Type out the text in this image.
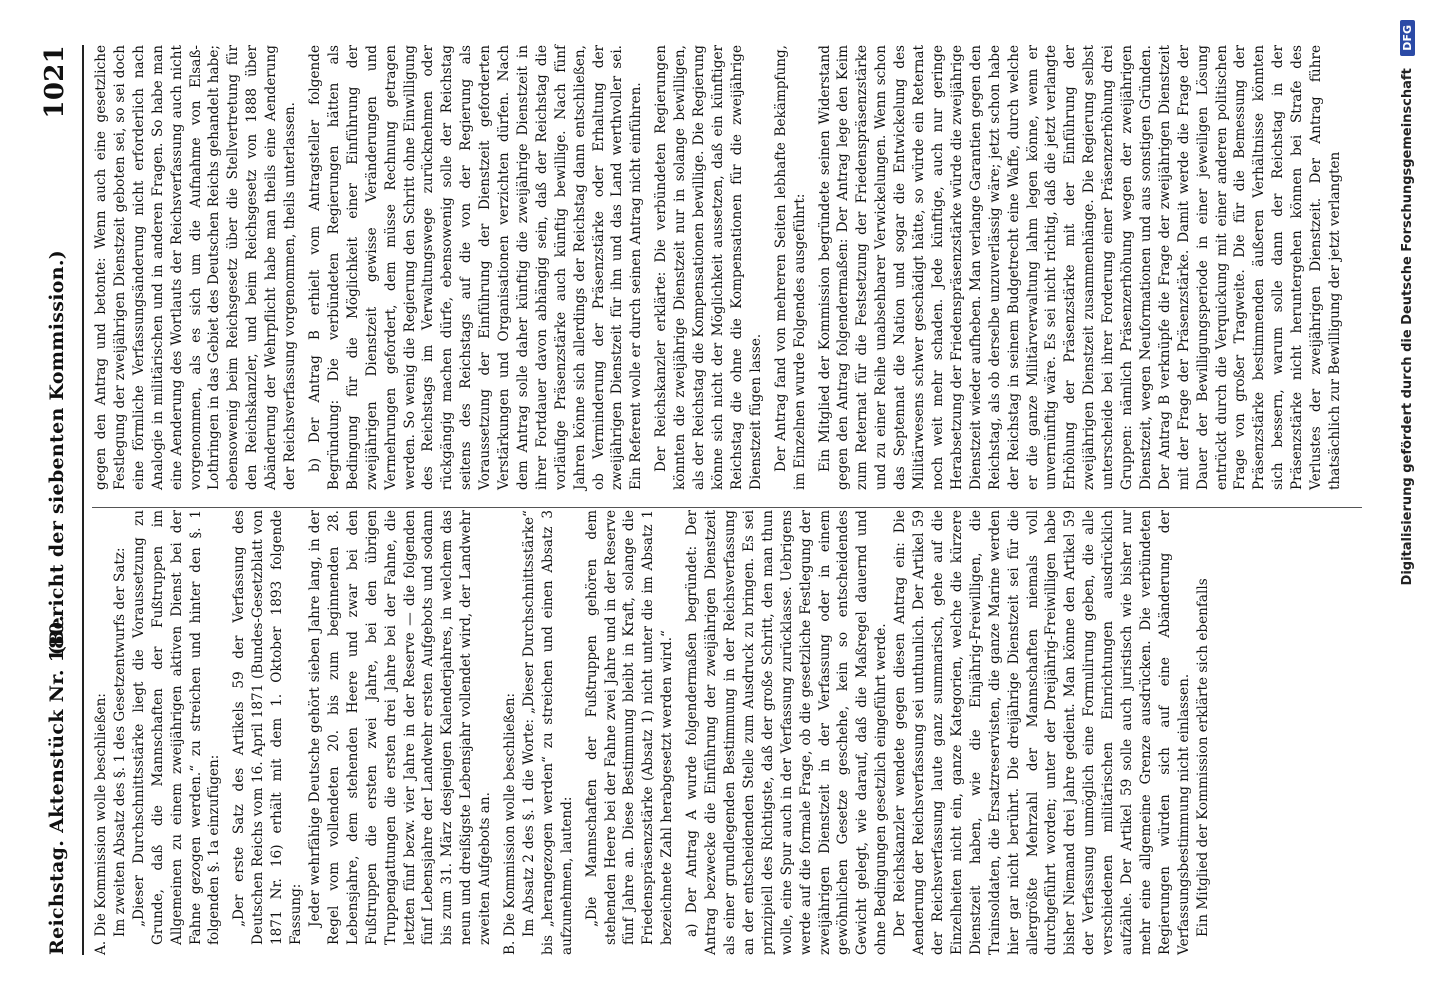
Reichstag. Aktenstück Nr. 180.
(Bericht der siebenten Kommission.)
1021

A. Die Kommission wolle beschließen: Im zweiten Absatz des §. 1 des Gesetzentwurfs der Satz: „Dieser Durchschnittsstärke liegt die Voraussetzung zu Grunde, daß die Mannschaften der Fußtruppen im Allgemeinen zu einem zweijährigen aktiven Dienst bei der Fahne gezogen werden.“ zu streichen und hinter den §. 1 folgenden §. 1a einzufügen: „Der erste Satz des Artikels 59 der Verfassung des Deutschen Reichs vom 16. April 1871 (Bundes-Gesetzblatt von 1871 Nr. 16) erhält mit dem 1. Oktober 1893 folgende Fassung: Jeder wehrfähige Deutsche gehört sieben Jahre lang, in der Regel vom vollendeten 20. bis zum beginnenden 28. Lebensjahre, dem stehenden Heere und zwar bei den Fußtruppen die ersten zwei Jahre, bei den übrigen Truppengattungen die ersten drei Jahre bei der Fahne, die letzten fünf bezw. vier Jahre in der Reserve — die folgenden fünf Lebensjahre der Landwehr ersten Aufgebots und sodann bis zum 31. März desjenigen Kalenderjahres, in welchem das neun und dreißigste Lebensjahr vollendet wird, der Landwehr zweiten Aufgebots an.

B. Die Kommission wolle beschließen: Im Absatz 2 des §. 1 die Worte: „Dieser Durchschnittsstärke“ bis „herangezogen werden“ zu streichen und einen Absatz 3 aufzunehmen, lautend: „Die Mannschaften der Fußtruppen gehören dem stehenden Heere bei der Fahne zwei Jahre und in der Reserve fünf Jahre an. Diese Bestimmung bleibt in Kraft, solange die Friedenspräsenzstärke (Absatz 1) nicht unter die im Absatz 1 bezeichnete Zahl herabgesetzt werden wird.“ a) Der Antrag A wurde folgendermaßen begründet: Der Antrag bezwecke die Einführung der zweijährigen Dienstzeit als einer grundlegenden Bestimmung in der Reichsverfassung an der entscheidenden Stelle zum Ausdruck zu bringen. Es sei prinzipiell des Richtigste, daß der große Schritt, den man thun wolle, eine Spur auch in der Verfassung zurücklasse. Uebrigens werde auf die formale Frage, ob die gesetzliche Festlegung der zweijährigen Dienstzeit in der Verfassung oder in einem gewöhnlichen Gesetze geschehe, kein so entscheidendes Gewicht gelegt, wie darauf, daß die Maßregel dauernd und ohne Bedingungen gesetzlich eingeführt werde. Der Reichskanzler wendete gegen diesen Antrag ein: Die Aenderung der Reichsverfassung sei unthunlich. Der Artikel 59 der Reichsverfassung laute ganz summarisch, gehe auf die Einzelheiten nicht ein, ganze Kategorien, welche die kürzere Dienstzeit haben, wie die Einjährig-Freiwilligen, die Trainsoldaten, die Ersatzreservisten, die ganze Marine werden hier gar nicht berührt. Die dreijährige Dienstzeit sei für die allergrößte Mehrzahl der Mannschaften niemals voll durchgeführt worden; unter der Dreijährig-Freiwilligen habe bisher Niemand drei Jahre gedient. Man könne den Artikel 59 der Verfassung unmöglich eine Formulirung geben, die alle verschiedenen militärischen Einrichtungen ausdrücklich aufzähle. Der Artikel 59 solle auch juristisch wie bisher nur mehr eine allgemeine Grenze ausdrücken. Die verbündeten Regierungen würden sich auf eine Abänderung der Verfassungsbestimmung nicht einlassen. Ein Mitglied der Kommission erklärte sich ebenfalls

gegen den Antrag und betonte: Wenn auch eine gesetzliche Festlegung der zweijährigen Dienstzeit geboten sei, so sei doch eine förmliche Verfassungsänderung nicht erforderlich nach Analogie in militärischen und in anderen Fragen. So habe man eine Aenderung des Wortlauts der Reichsverfassung auch nicht vorgenommen, als es sich um die Aufnahme von Elsaß-Lothringen in das Gebiet des Deutschen Reichs gehandelt habe; ebensowenig beim Reichsgesetz über die Stellvertretung für den Reichskanzler, und beim Reichsgesetz von 1888 über Abänderung der Wehrpflicht habe man theils eine Aenderung der Reichsverfassung vorgenommen, theils unterlassen. b) Der Antrag B erhielt vom Antragsteller folgende Begründung: Die verbündeten Regierungen hätten als Bedingung für die Möglichkeit einer Einführung der zweijährigen Dienstzeit gewisse Veränderungen und Vermehrungen gefordert, dem müsse Rechnung getragen werden. So wenig die Regierung den Schritt ohne Einwilligung des Reichstags im Verwaltungswege zurücknehmen oder rückgängig machen dürfe, ebensowenig solle der Reichstag seitens des Reichstags auf die von der Regierung als Voraussetzung der Einführung der Dienstzeit geforderten Verstärkungen und Organisationen verzichten dürfen. Nach dem Antrag solle daher künftig die zweijährige Dienstzeit in ihrer Fortdauer davon abhängig sein, daß der Reichstag die vorläufige Präsenzstärke auch künftig bewillige. Nach fünf Jahren könne sich allerdings der Reichstag dann entschließen, ob Verminderung der Präsenzstärke oder Erhaltung der zweijährigen Dienstzeit für ihn und das Land werthvoller sei. Ein Referent wolle er durch seinen Antrag nicht einführen. Der Reichskanzler erklärte: Die verbündeten Regierungen könnten die zweijährige Dienstzeit nur in solange bewilligen, als der Reichstag die Kompensationen bewillige. Die Regierung könne sich nicht der Möglichkeit aussetzen, daß ein künftiger Reichstag die ohne die Kompensationen für die zweijährige Dienstzeit fügen lasse. Der Antrag fand von mehreren Seiten lebhafte Bekämpfung, im Einzelnen wurde Folgendes ausgeführt: Ein Mitglied der Kommission begründete seinen Widerstand gegen den Antrag folgendermaßen: Der Antrag lege den Keim zum Reternat für die Festsetzung der Friedenspräsenzstärke und zu einer Reihe unabsehbarer Verwickelungen. Wenn schon das Septennat die Nation und sogar die Entwickelung des Militärwesens schwer geschädigt hätte, so würde ein Reternat noch weit mehr schaden. Jede künftige, auch nur geringe Herabsetzung der Friedenspräsenzstärke würde die zweijährige Dienstzeit wieder aufheben. Man verlange Garantien gegen den Reichstag, als ob derselbe unzuverlässig wäre; jetzt schon habe der Reichstag in seinem Budgetrecht eine Waffe, durch welche er die ganze Militärverwaltung lahm legen könne, wenn er unvernünftig wäre. Es sei nicht richtig, daß die jetzt verlangte Erhöhung der Präsenzstärke mit der Einführung der zweijährigen Dienstzeit zusammenhänge. Die Regierung selbst unterscheide bei ihrer Forderung einer Präsenzerhöhung drei Gruppen: nämlich Präsenzerhöhung wegen der zweijährigen Dienstzeit, wegen Neuformationen und aus sonstigen Gründen. Der Antrag B verknüpfe die Frage der zweijährigen Dienstzeit mit der Frage der Präsenzstärke. Damit werde die Frage der Dauer der Bewilligungsperiode in einer jeweiligen Lösung entrückt durch die Verquickung mit einer anderen politischen Frage von großer Tragweite. Die für die Bemessung der Präsenzstärke bestimmenden äußeren Verhältnisse könnten sich bessern, warum solle dann der Reichstag in der Präsenzstärke nicht heruntergehen können bei Strafe des Verlustes der zweijährigen Dienstzeit. Der Antrag führe thatsächlich zur Bewilligung der jetzt verlangten	Digitalisierung gefördert durch die Deutsche Forschungsgemeinschaft DFG
